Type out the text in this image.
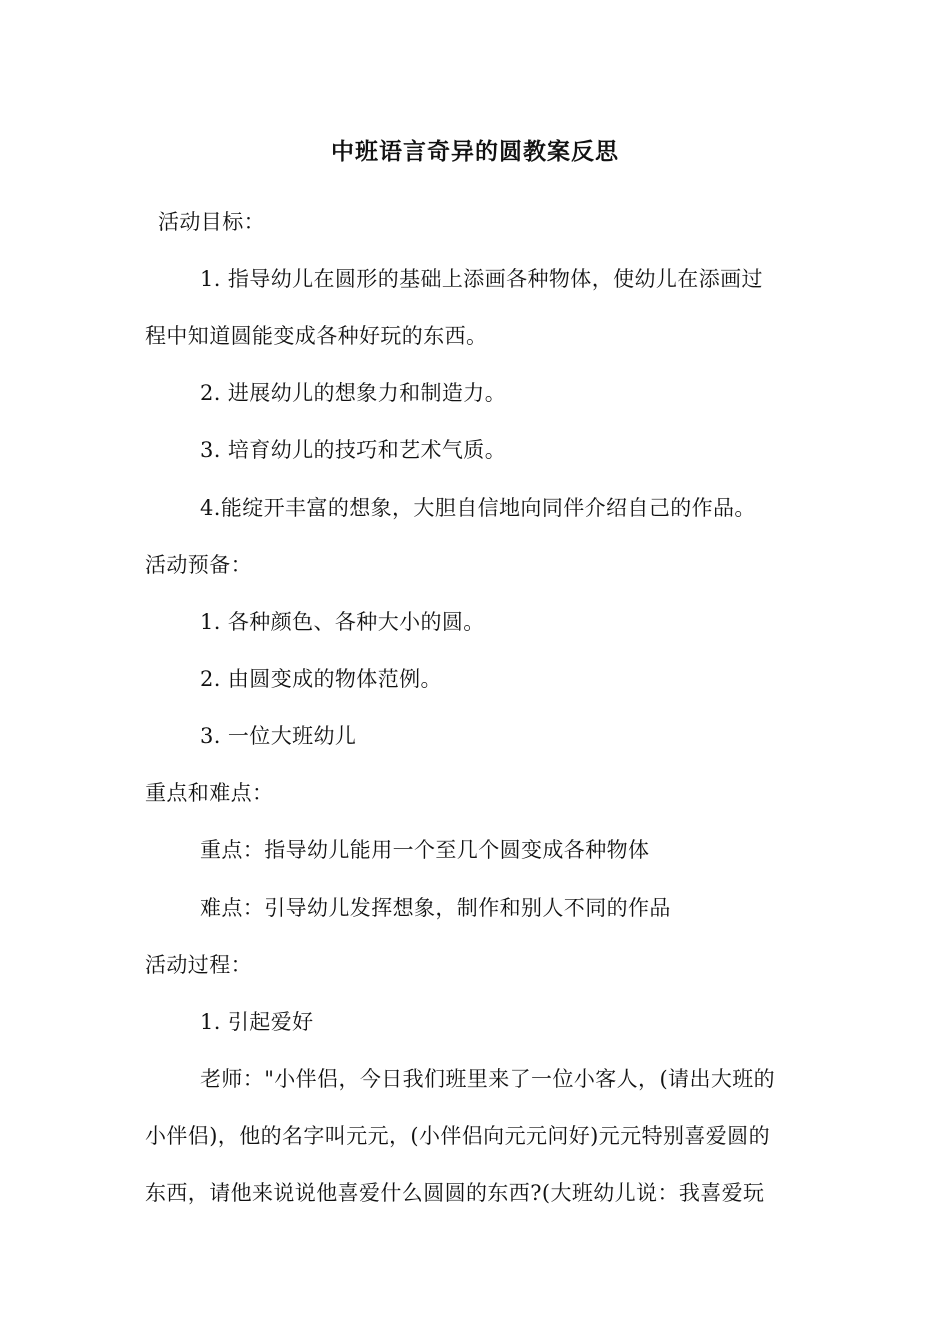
中班语言奇异的圆教案反思
活动目标：
1. 指导幼儿在圆形的基础上添画各种物体，使幼儿在添画过
程中知道圆能变成各种好玩的东西。
2. 进展幼儿的想象力和制造力。
3. 培育幼儿的技巧和艺术气质。
4.能绽开丰富的想象，大胆自信地向同伴介绍自己的作品。
活动预备：
1. 各种颜色、各种大小的圆。
2. 由圆变成的物体范例。
3. 一位大班幼儿
重点和难点：
重点：指导幼儿能用一个至几个圆变成各种物体
难点：引导幼儿发挥想象，制作和别人不同的作品
活动过程：
1. 引起爱好
老师："小伴侣，今日我们班里来了一位小客人，(请出大班的
小伴侣)，他的名字叫元元，(小伴侣向元元问好)元元特别喜爱圆的
东西，请他来说说他喜爱什么圆圆的东西?(大班幼儿说：我喜爱玩
